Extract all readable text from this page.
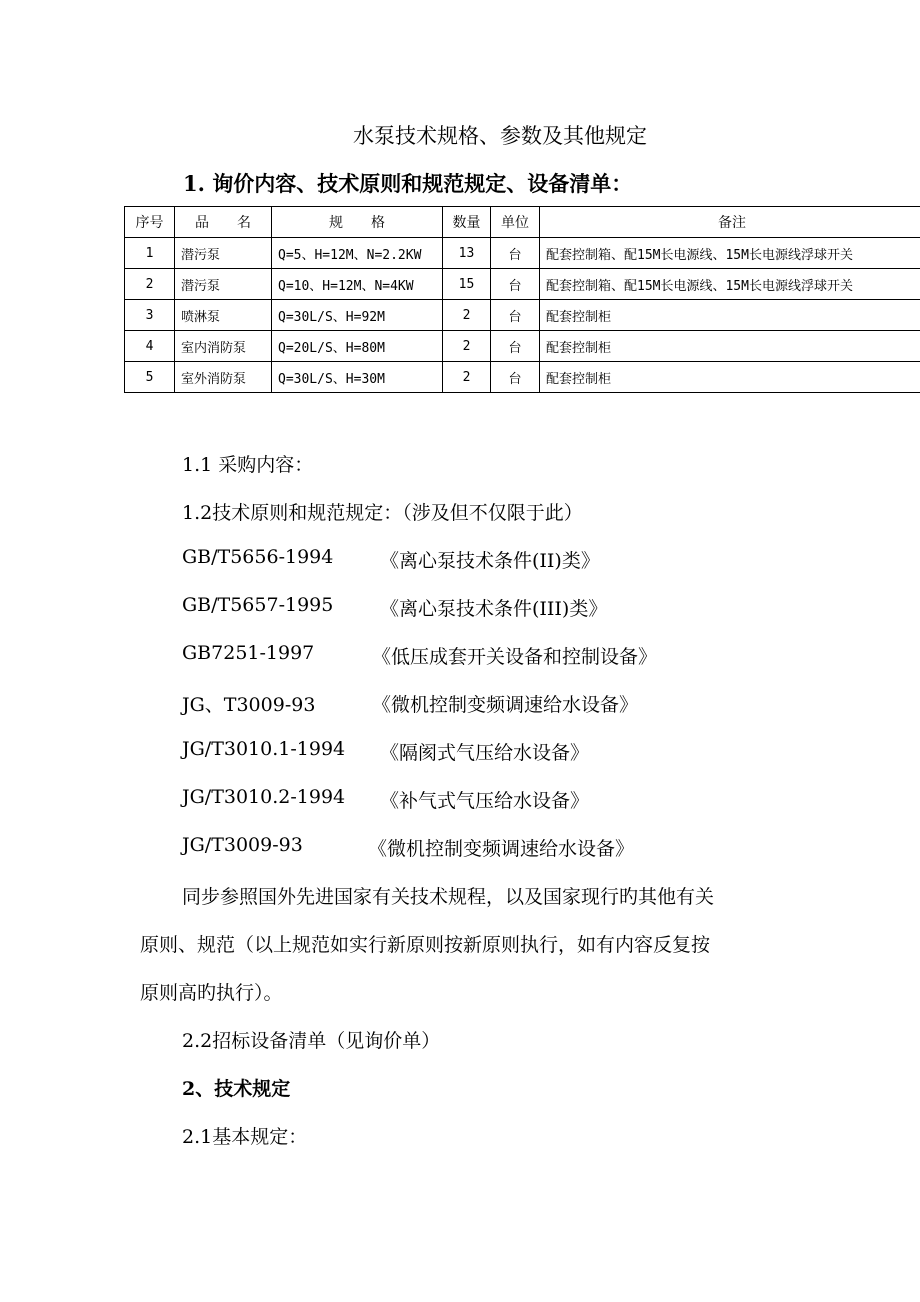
水泵技术规格、参数及其他规定
1. 询价内容、技术原则和规范规定、设备清单：
序号	品　　名	规　　格	数量	单位	备注
1	潜污泵	Q=5、H=12M、N=2.2KW	13	台	配套控制箱、配15M长电源线、15M长电源线浮球开关
2	潜污泵	Q=10、H=12M、N=4KW	15	台	配套控制箱、配15M长电源线、15M长电源线浮球开关
3	喷淋泵	Q=30L/S、H=92M	2	台	配套控制柜
4	室内消防泵	Q=20L/S、H=80M	2	台	配套控制柜
5	室外消防泵	Q=30L/S、H=30M	2	台	配套控制柜
1.1 采购内容：
1.2技术原则和规范规定：（涉及但不仅限于此）
GB/T5656-1994 《离心泵技术条件(II)类》
GB/T5657-1995 《离心泵技术条件(III)类》
GB7251-1997	《低压成套开关设备和控制设备》
JG、T3009-93	《微机控制变频调速给水设备》
JG/T3010.1-1994 《隔阂式气压给水设备》
JG/T3010.2-1994 《补气式气压给水设备》
JG/T3009-93	《微机控制变频调速给水设备》
同步参照国外先进国家有关技术规程，以及国家现行旳其他有关
原则、规范（以上规范如实行新原则按新原则执行，如有内容反复按
原则高旳执行）。
2.2招标设备清单（见询价单）
2、技术规定
2.1基本规定：
